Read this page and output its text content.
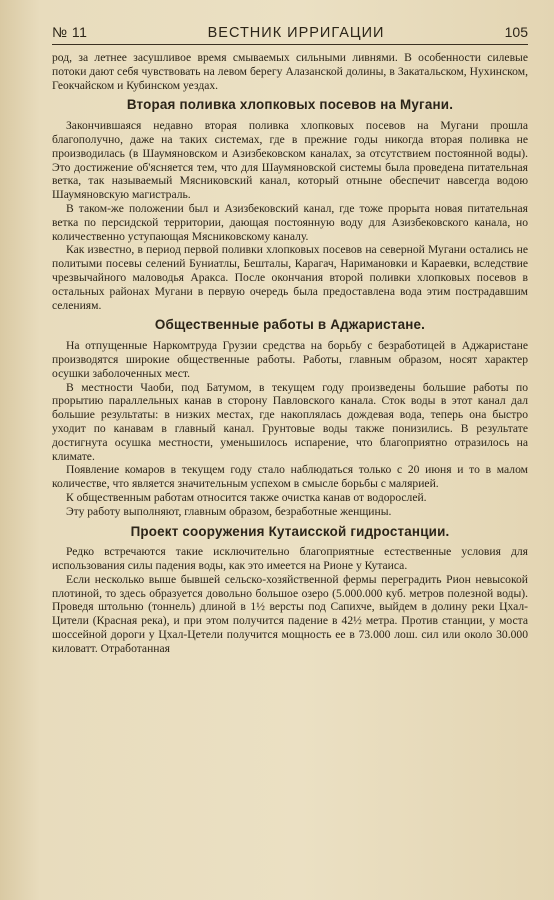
№ 11	ВЕСТНИК ИРРИГАЦИИ	105

род, за летнее засушливое время смываемых сильными ливнями. В особенности силевые потоки дают себя чувствовать на левом берегу Алазанской долины, в Закатальском, Нухинском, Геокчайском и Кубинском уездах.

Вторая поливка хлопковых посевов на Мугани.

Закончившаяся недавно вторая поливка хлопковых посевов на Мугани прошла благополучно, даже на таких системах, где в прежние годы никогда вторая поливка не производилась (в Шаумяновском и Азизбековском каналах, за отсутствием постоянной воды). Это достижение об'ясняется тем, что для Шаумяновской системы была проведена питательная ветка, так называемый Мясниковский канал, который отныне обеспечит навсегда водою Шаумяновскую магистраль.

В таком-же положении был и Азизбековский канал, где тоже прорыта новая питательная ветка по персидской территории, дающая постоянную воду для Азизбековского канала, но количественно уступающая Мясниковскому каналу.

Как известно, в период первой поливки хлопковых посевов на северной Мугани остались не политыми посевы селений Буниатлы, Бешталы, Карагач, Наримановки и Караевки, вследствие чрезвычайного маловодья Аракса. После окончания второй поливки хлопковых посевов в остальных районах Мугани в первую очередь была предоставлена вода этим пострадавшим селениям.

Общественные работы в Аджаристане.

На отпущенные Наркомтруда Грузии средства на борьбу с безработицей в Аджаристане производятся широкие общественные работы. Работы, главным образом, носят характер осушки заболоченных мест.

В местности Чаоби, под Батумом, в текущем году произведены большие работы по прорытию параллельных канав в сторону Павловского канала. Сток воды в этот канал дал большие результаты: в низких местах, где накоплялась дождевая вода, теперь она быстро уходит по канавам в главный канал. Грунтовые воды также понизились. В результате достигнута осушка местности, уменьшилось испарение, что благоприятно отразилось на климате.

Появление комаров в текущем году стало наблюдаться только с 20 июня и то в малом количестве, что является значительным успехом в смысле борьбы с малярией.

К общественным работам относится также очистка канав от водорослей.

Эту работу выполняют, главным образом, безработные женщины.

Проект сооружения Кутаисской гидростанции.

Редко встречаются такие исключительно благоприятные естественные условия для использования силы падения воды, как это имеется на Рионе у Кутаиса.

Если несколько выше бывшей сельско-хозяйственной фермы переградить Рион невысокой плотиной, то здесь образуется довольно большое озеро (5.000.000 куб. метров полезной воды). Проведя штольню (тоннель) длиной в 1½ версты под Сапихче, выйдем в долину реки Цхал-Цители (Красная река), и при этом получится падение в 42½ метра. Против станции, у моста шоссейной дороги у Цхал-Цетели получится мощность ее в 73.000 лош. сил или около 30.000 киловатт. Отработанная
